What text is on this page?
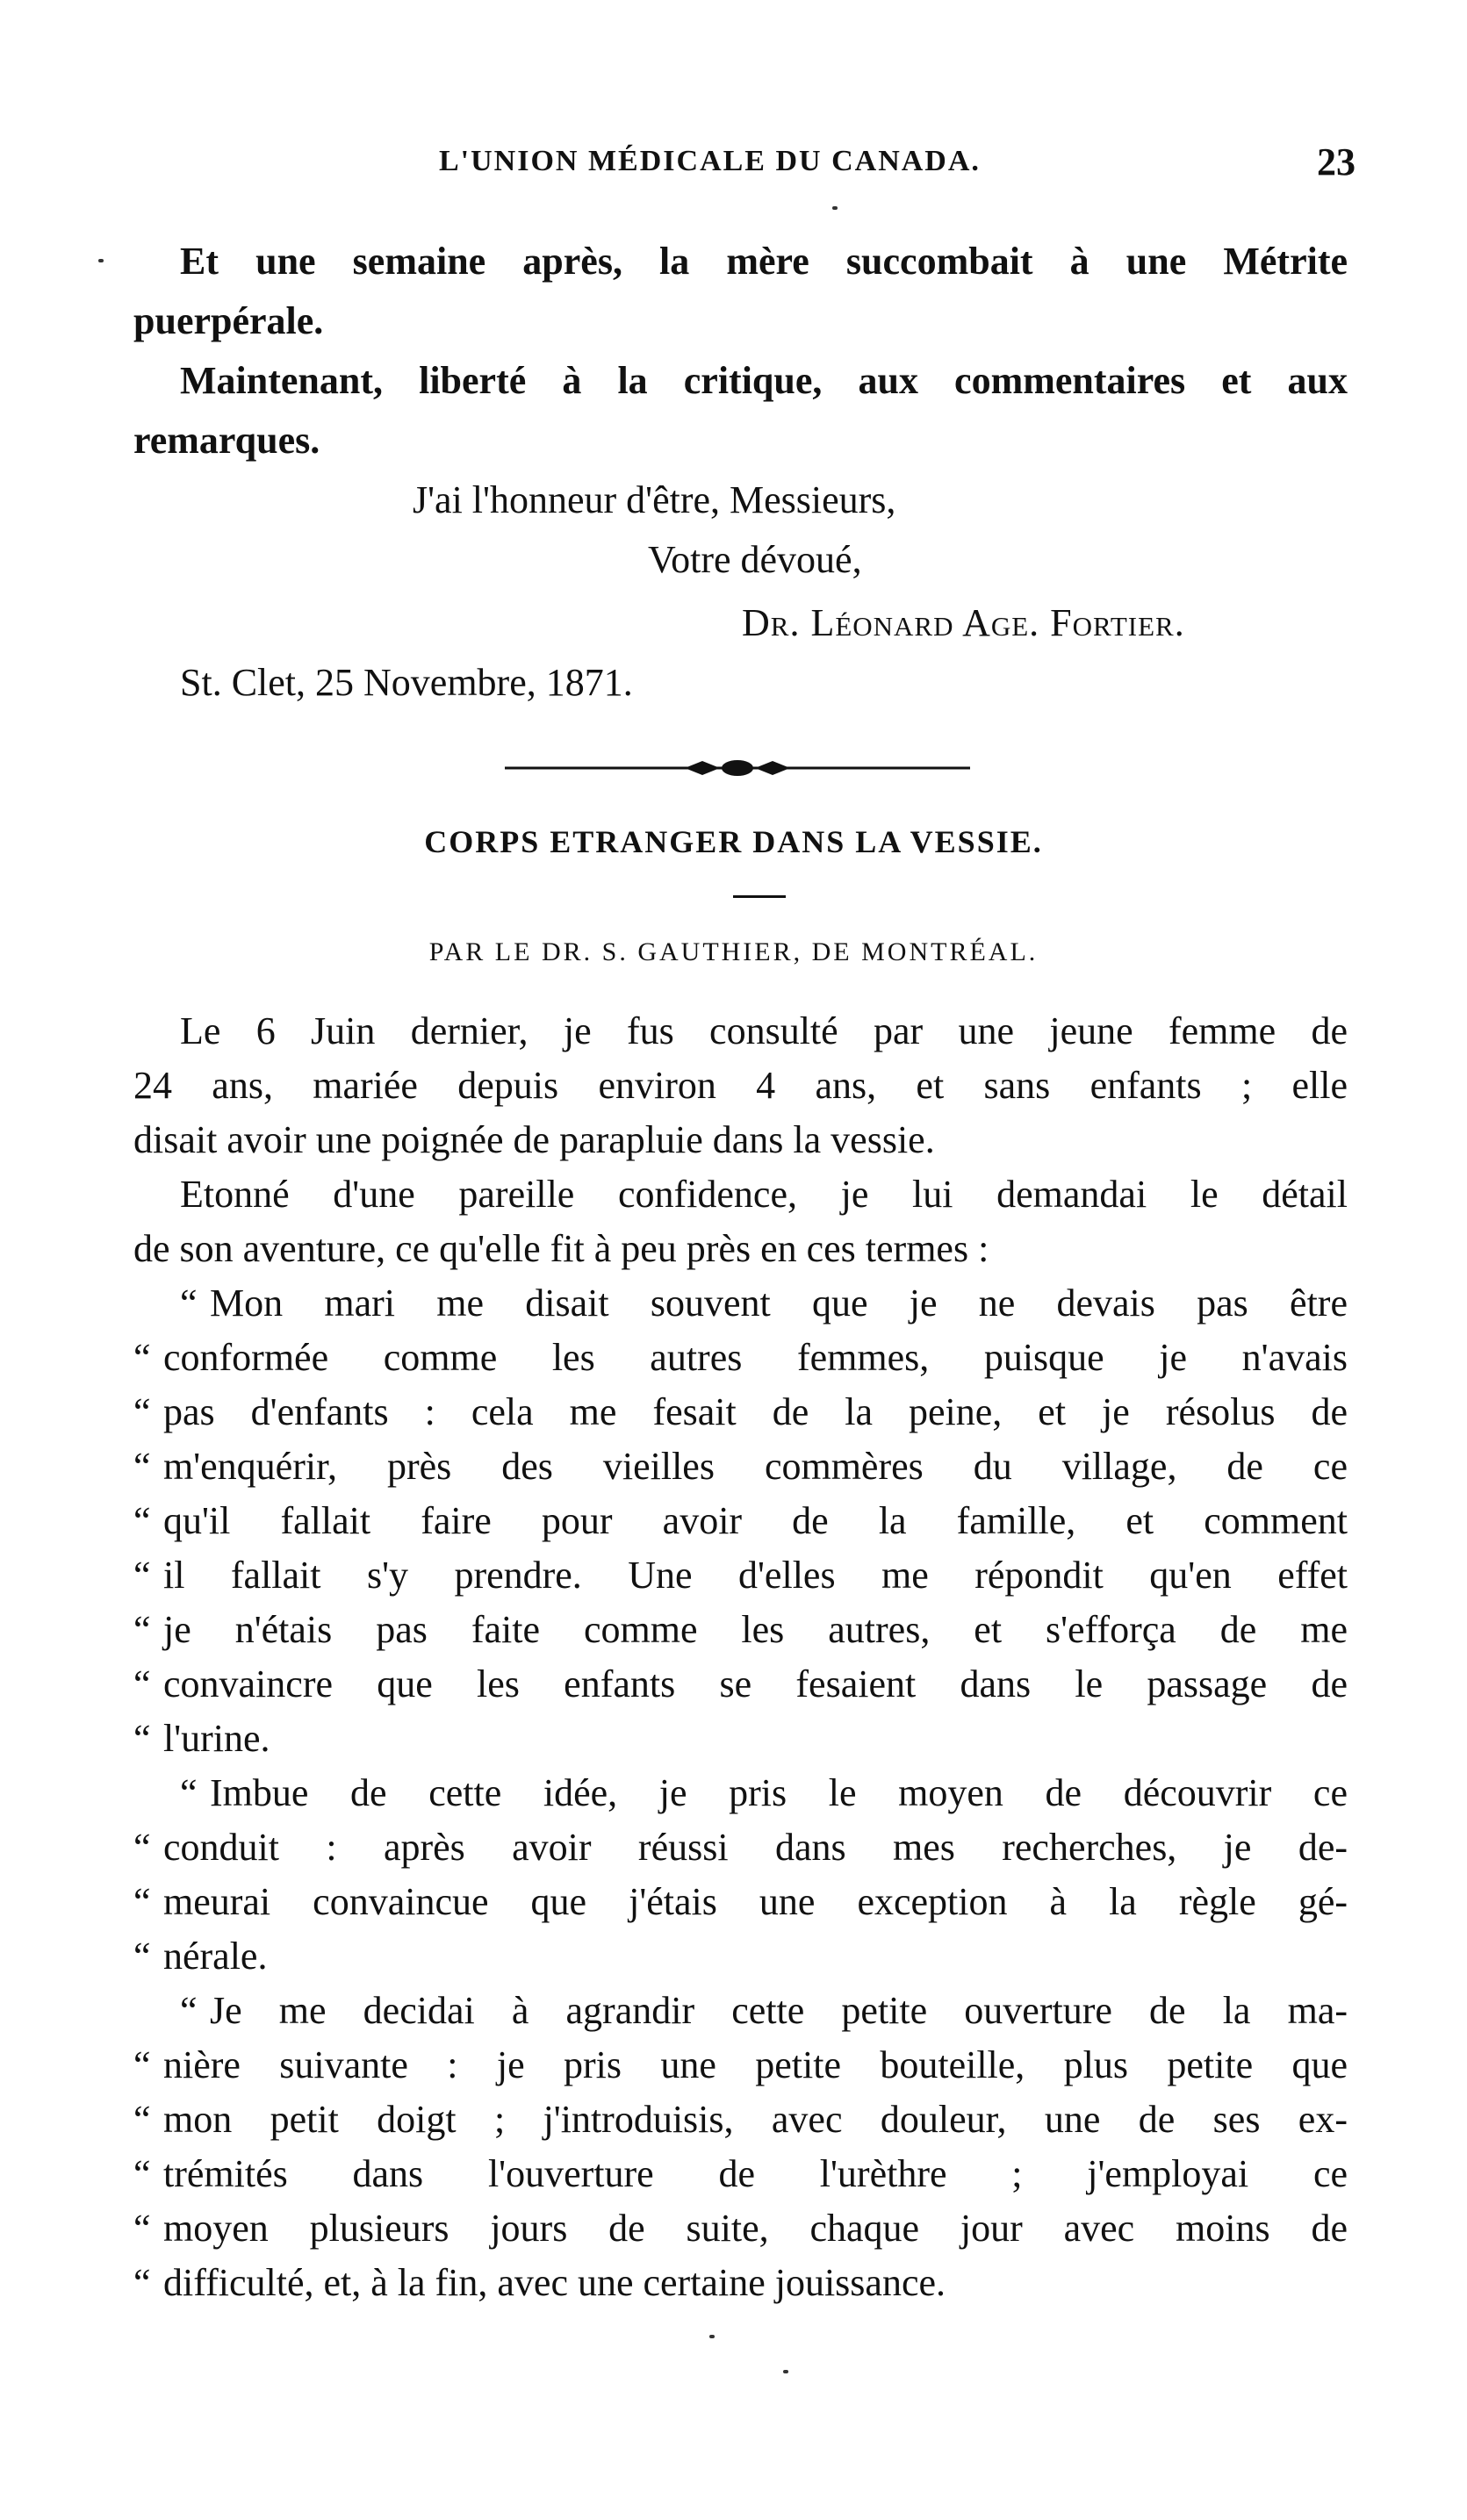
L'UNION MÉDICALE DU CANADA.	23
Et une semaine après, la mère succombait à une Métrite
puerpérale.
Maintenant, liberté à la critique, aux commentaires et aux
remarques.
J'ai l'honneur d'être, Messieurs,
Votre dévoué,
Dr. Léonard Age. Fortier.
St. Clet, 25 Novembre, 1871.
CORPS ETRANGER DANS LA VESSIE.
PAR LE DR. S. GAUTHIER, DE MONTRÉAL.
Le 6 Juin dernier, je fus consulté par une jeune femme de
24 ans, mariée depuis environ 4 ans, et sans enfants ; elle
disait avoir une poignée de parapluie dans la vessie.
Etonné d'une pareille confidence, je lui demandai le détail
de son aventure, ce qu'elle fit à peu près en ces termes :
“ Mon mari me disait souvent que je ne devais pas être
“ conformée comme les autres femmes, puisque je n'avais
“ pas d'enfants : cela me fesait de la peine, et je résolus de
“ m'enquérir, près des vieilles commères du village, de ce
“ qu'il fallait faire pour avoir de la famille, et comment
“ il fallait s'y prendre. Une d'elles me répondit qu'en effet
“ je n'étais pas faite comme les autres, et s'efforça de me
“ convaincre que les enfants se fesaient dans le passage de
“ l'urine.
“ Imbue de cette idée, je pris le moyen de découvrir ce
“ conduit : après avoir réussi dans mes recherches, je de-
“ meurai convaincue que j'étais une exception à la règle gé-
“ nérale.
“ Je me decidai à agrandir cette petite ouverture de la ma-
“ nière suivante : je pris une petite bouteille, plus petite que
“ mon petit doigt ; j'introduisis, avec douleur, une de ses ex-
“ trémités dans l'ouverture de l'urèthre ; j'employai ce
“ moyen plusieurs jours de suite, chaque jour avec moins de
“ difficulté, et, à la fin, avec une certaine jouissance.
